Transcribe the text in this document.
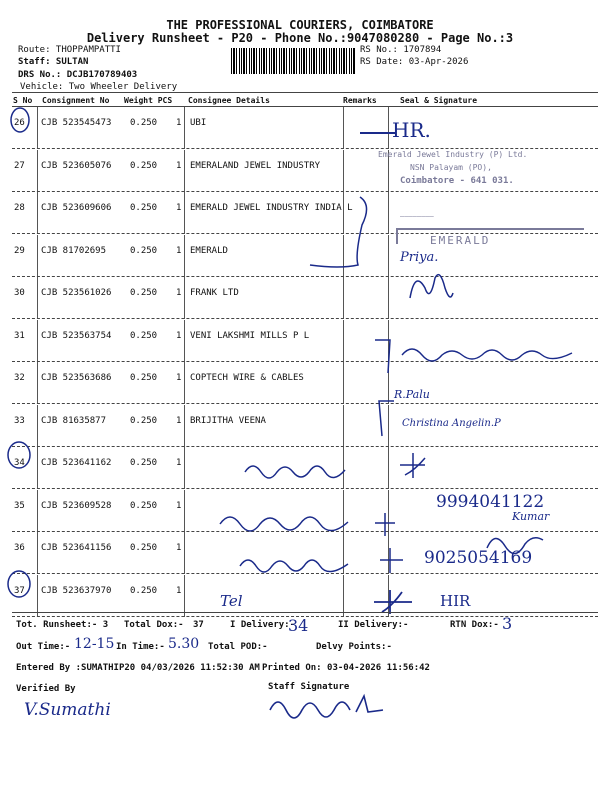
THE PROFESSIONAL COURIERS, COIMBATORE
Delivery Runsheet - P20 - Phone No.:9047080280 - Page No.:3
Route: THOPPAMPATTI
Staff: SULTAN
DRS No.: DCJB170789403
Vehicle: Two Wheeler Delivery
RS No.: 1707894
RS Date: 03-Apr-2026
S No Consignment No Weight PCS Consignee Details	Remarks	Seal & Signature
26 CJB 523545473 0.250 1 UBI
27 CJB 523605076 0.250 1 EMERALAND JEWEL INDUSTRY
28 CJB 523609606 0.250 1 EMERALD JEWEL INDUSTRY INDIA L
29 CJB 81702695	0.250 1 EMERALD
30 CJB 523561026 0.250 1 FRANK LTD
31 CJB 523563754 0.250 1 VENI LAKSHMI MILLS P L
32 CJB 523563686 0.250 1 COPTECH WIRE & CABLES
33 CJB 81635877	0.250 1 BRIJITHA VEENA
34 CJB 523641162 0.250 1
35 CJB 523609528 0.250 1
36 CJB 523641156 0.250 1
37 CJB 523637970 0.250 1
HR.
Emerald Jewel Industry (P) Ltd.
NSN Palayam (PO),
Coimbatore - 641 031.
————————
EMERALD
Priya.
R.Palu
Christina Angelin.P
9994041122
Kumar
9025054169
Tel	HIR
Tot. Runsheet:- 3 Total Dox:- 37	I Delivery:-
34	II Delivery:-	RTN Dox:- 3
Out Time:- 12-15 In Time:- 5.30 Total POD:-	Delvy Points:-
Entered By :SUMATHIP20 04/03/2026 11:52:30 AM Printed On: 03-04-2026 11:56:42
Verified By	Staff Signature
V.Sumathi
